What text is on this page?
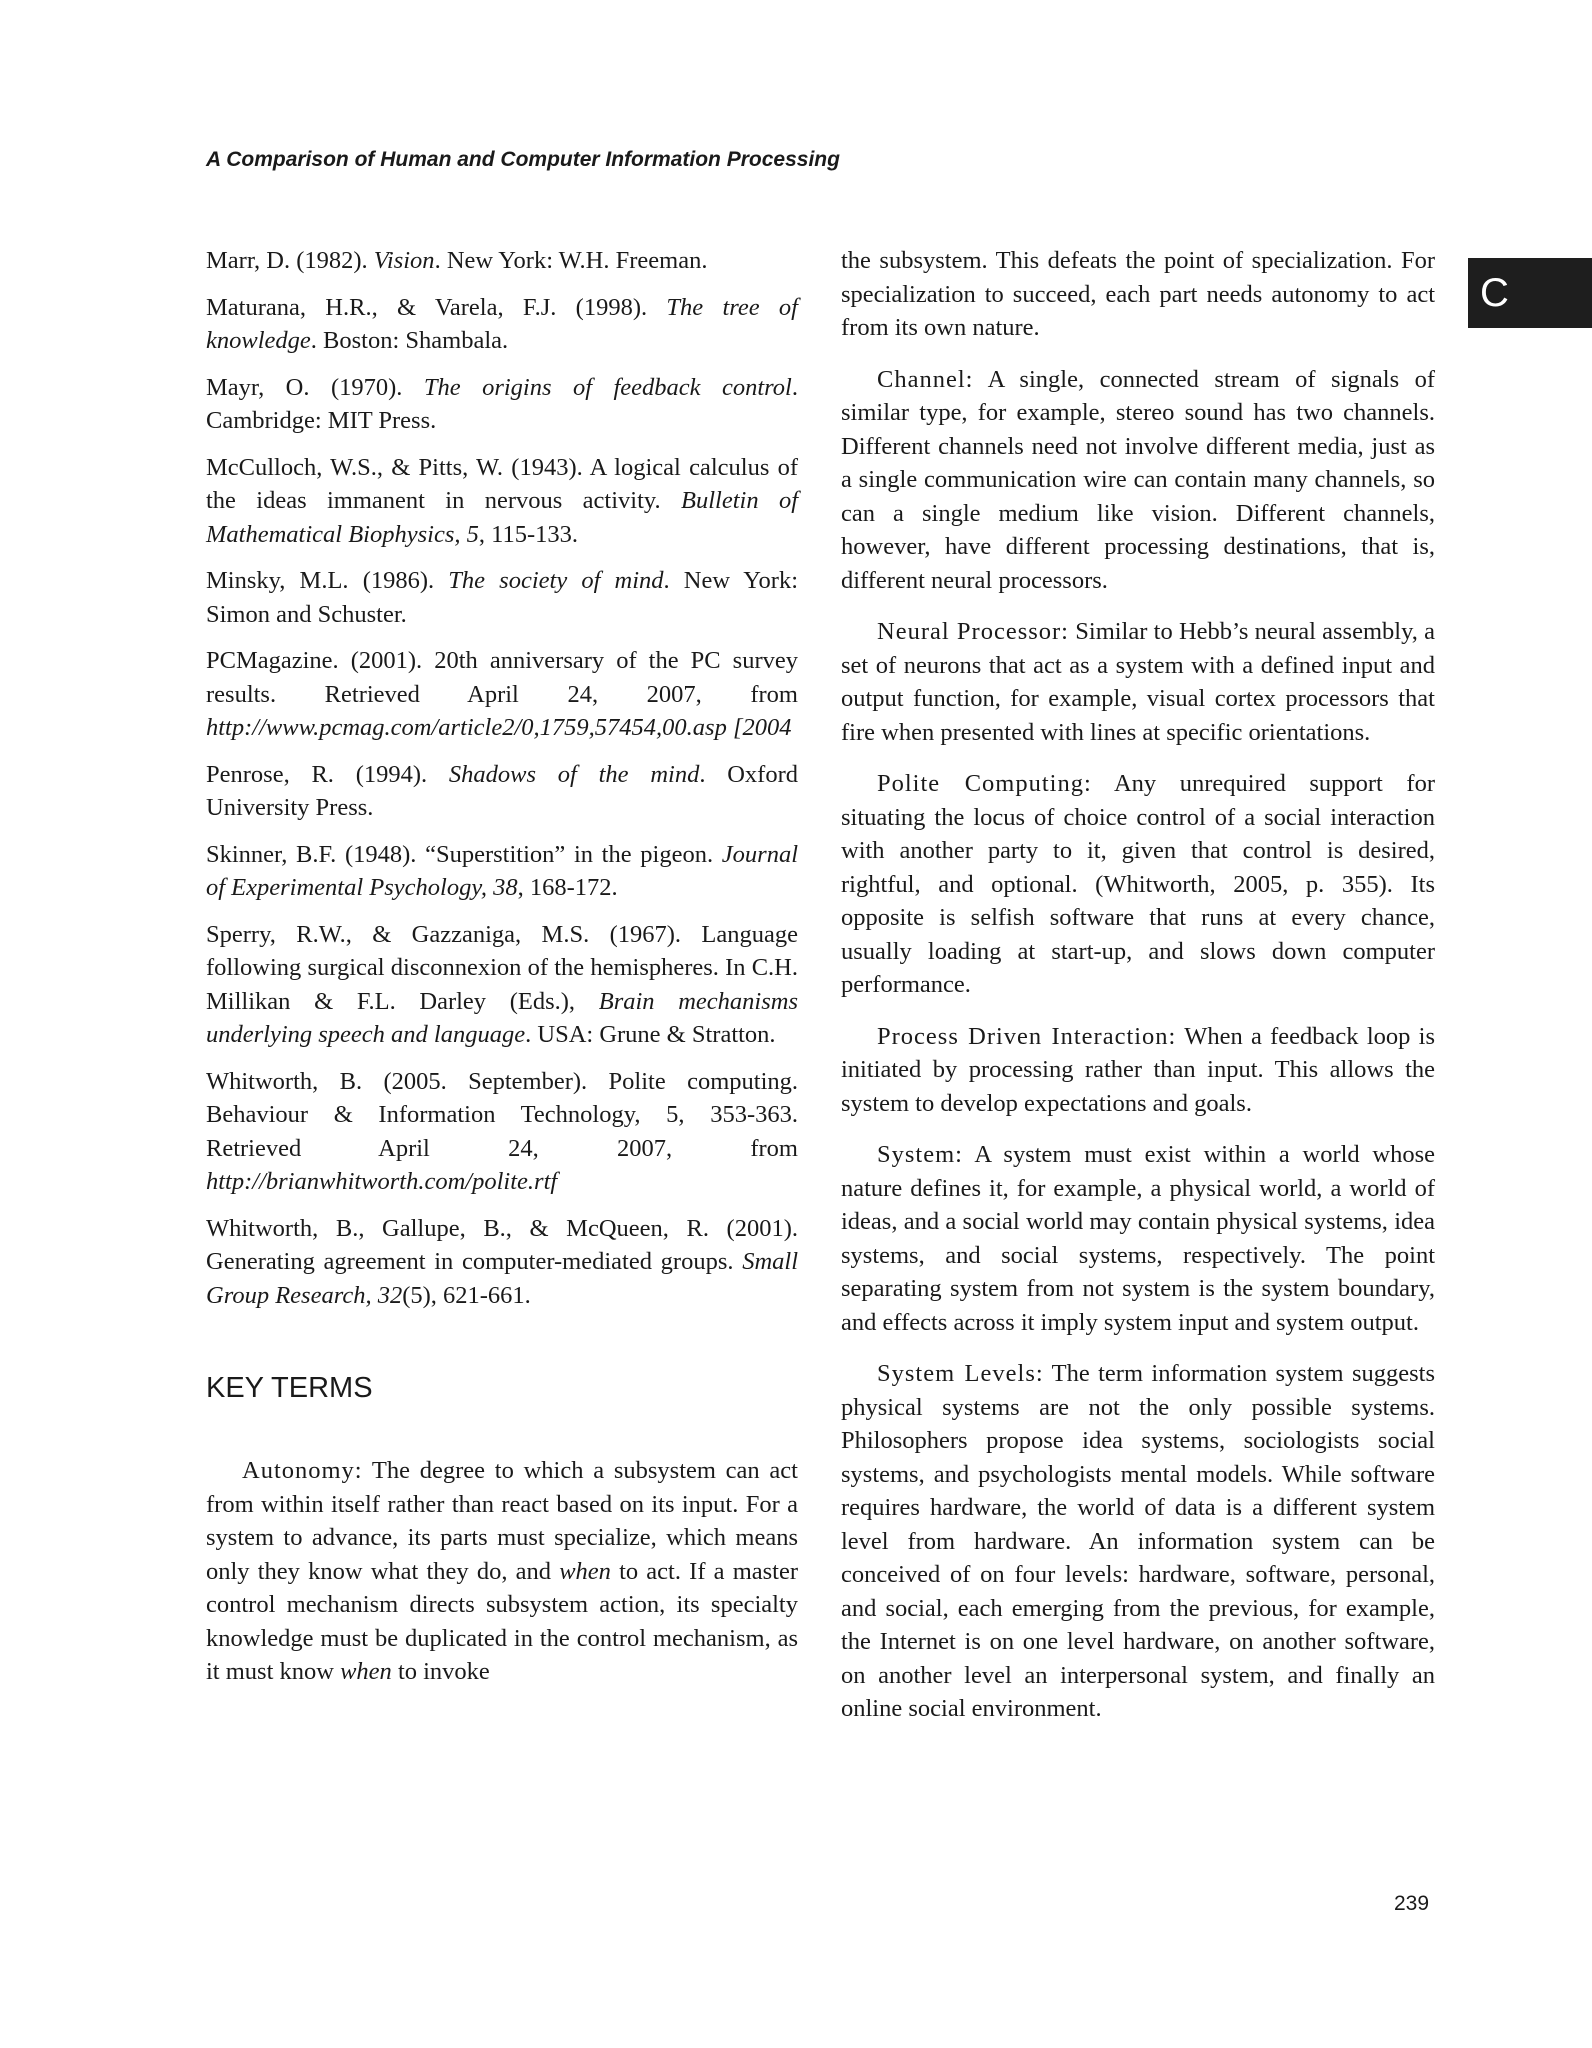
A Comparison of Human and Computer Information Processing
C

Marr, D. (1982). Vision. New York: W.H. Freeman.

Maturana, H.R., & Varela, F.J. (1998). The tree of knowledge. Boston: Shambala.

Mayr, O. (1970). The origins of feedback control. Cambridge: MIT Press.

McCulloch, W.S., & Pitts, W. (1943). A logical calculus of the ideas immanent in nervous activity. Bulletin of Mathematical Biophysics, 5, 115-133.

Minsky, M.L. (1986). The society of mind. New York: Simon and Schuster.

PCMagazine. (2001). 20th anniversary of the PC survey results. Retrieved April 24, 2007, from http://www.pcmag.com/article2/0,1759,57454,00.asp [2004

Penrose, R. (1994). Shadows of the mind. Oxford University Press.

Skinner, B.F. (1948). “Superstition” in the pigeon. Journal of Experimental Psychology, 38, 168-172.

Sperry, R.W., & Gazzaniga, M.S. (1967). Language following surgical disconnexion of the hemispheres. In C.H. Millikan & F.L. Darley (Eds.), Brain mechanisms underlying speech and language. USA: Grune & Stratton.

Whitworth, B. (2005. September). Polite computing. Behaviour & Information Technology, 5, 353-363. Retrieved April 24, 2007, from http://brianwhitworth.com/polite.rtf

Whitworth, B., Gallupe, B., & McQueen, R. (2001). Generating agreement in computer-mediated groups. Small Group Research, 32(5), 621-661.

KEY TERMS

Autonomy: The degree to which a subsystem can act from within itself rather than react based on its input. For a system to advance, its parts must specialize, which means only they know what they do, and when to act. If a master control mechanism directs subsystem action, its specialty knowledge must be duplicated in the control mechanism, as it must know when to invoke

the subsystem. This defeats the point of specialization. For specialization to succeed, each part needs autonomy to act from its own nature.

Channel: A single, connected stream of signals of similar type, for example, stereo sound has two channels. Different channels need not involve different media, just as a single communication wire can contain many channels, so can a single medium like vision. Different channels, however, have different processing destinations, that is, different neural processors.

Neural Processor: Similar to Hebb’s neural assembly, a set of neurons that act as a system with a defined input and output function, for example, visual cortex processors that fire when presented with lines at specific orientations.

Polite Computing: Any unrequired support for situating the locus of choice control of a social interaction with another party to it, given that control is desired, rightful, and optional. (Whitworth, 2005, p. 355). Its opposite is selfish software that runs at every chance, usually loading at start-up, and slows down computer performance.

Process Driven Interaction: When a feedback loop is initiated by processing rather than input. This allows the system to develop expectations and goals.

System: A system must exist within a world whose nature defines it, for example, a physical world, a world of ideas, and a social world may contain physical systems, idea systems, and social systems, respectively. The point separating system from not system is the system boundary, and effects across it imply system input and system output.

System Levels: The term information system suggests physical systems are not the only possible systems. Philosophers propose idea systems, sociologists social systems, and psychologists mental models. While software requires hardware, the world of data is a different system level from hardware. An information system can be conceived of on four levels: hardware, software, personal, and social, each emerging from the previous, for example, the Internet is on one level hardware, on another software, on another level an interpersonal system, and finally an online social environment.

239
